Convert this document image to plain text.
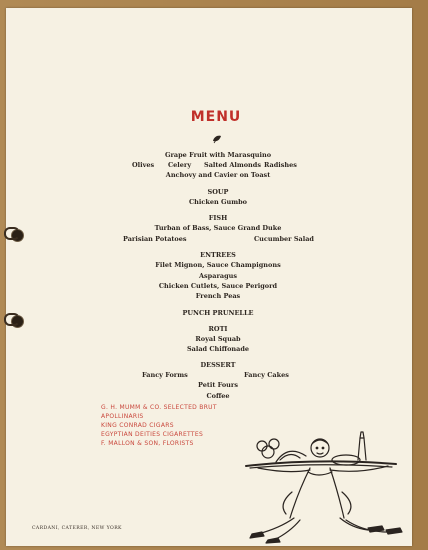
MENU
Grape Fruit with Marasquino
Olives Celery Salted Almonds Radishes
Anchovy and Cavier on Toast
SOUP
Chicken Gumbo
FISH
Turban of Bass, Sauce Grand Duke
Parisian Potatoes	Cucumber Salad
ENTREES
Filet Mignon, Sauce Champignons
Asparagus
Chicken Cutlets, Sauce Perigord
French Peas
PUNCH PRUNELLE
ROTI
Royal Squab
Salad Chiffonade
DESSERT
Fancy Forms	Fancy Cakes
Petit Fours
Coffee
G. H. MUMM & CO. SELECTED BRUT
APOLLINARIS
KING CONRAD CIGARS
EGYPTIAN DEITIES CIGARETTES
F. MALLON & SON, FLORISTS
CARDANI, CATERER, NEW YORK
